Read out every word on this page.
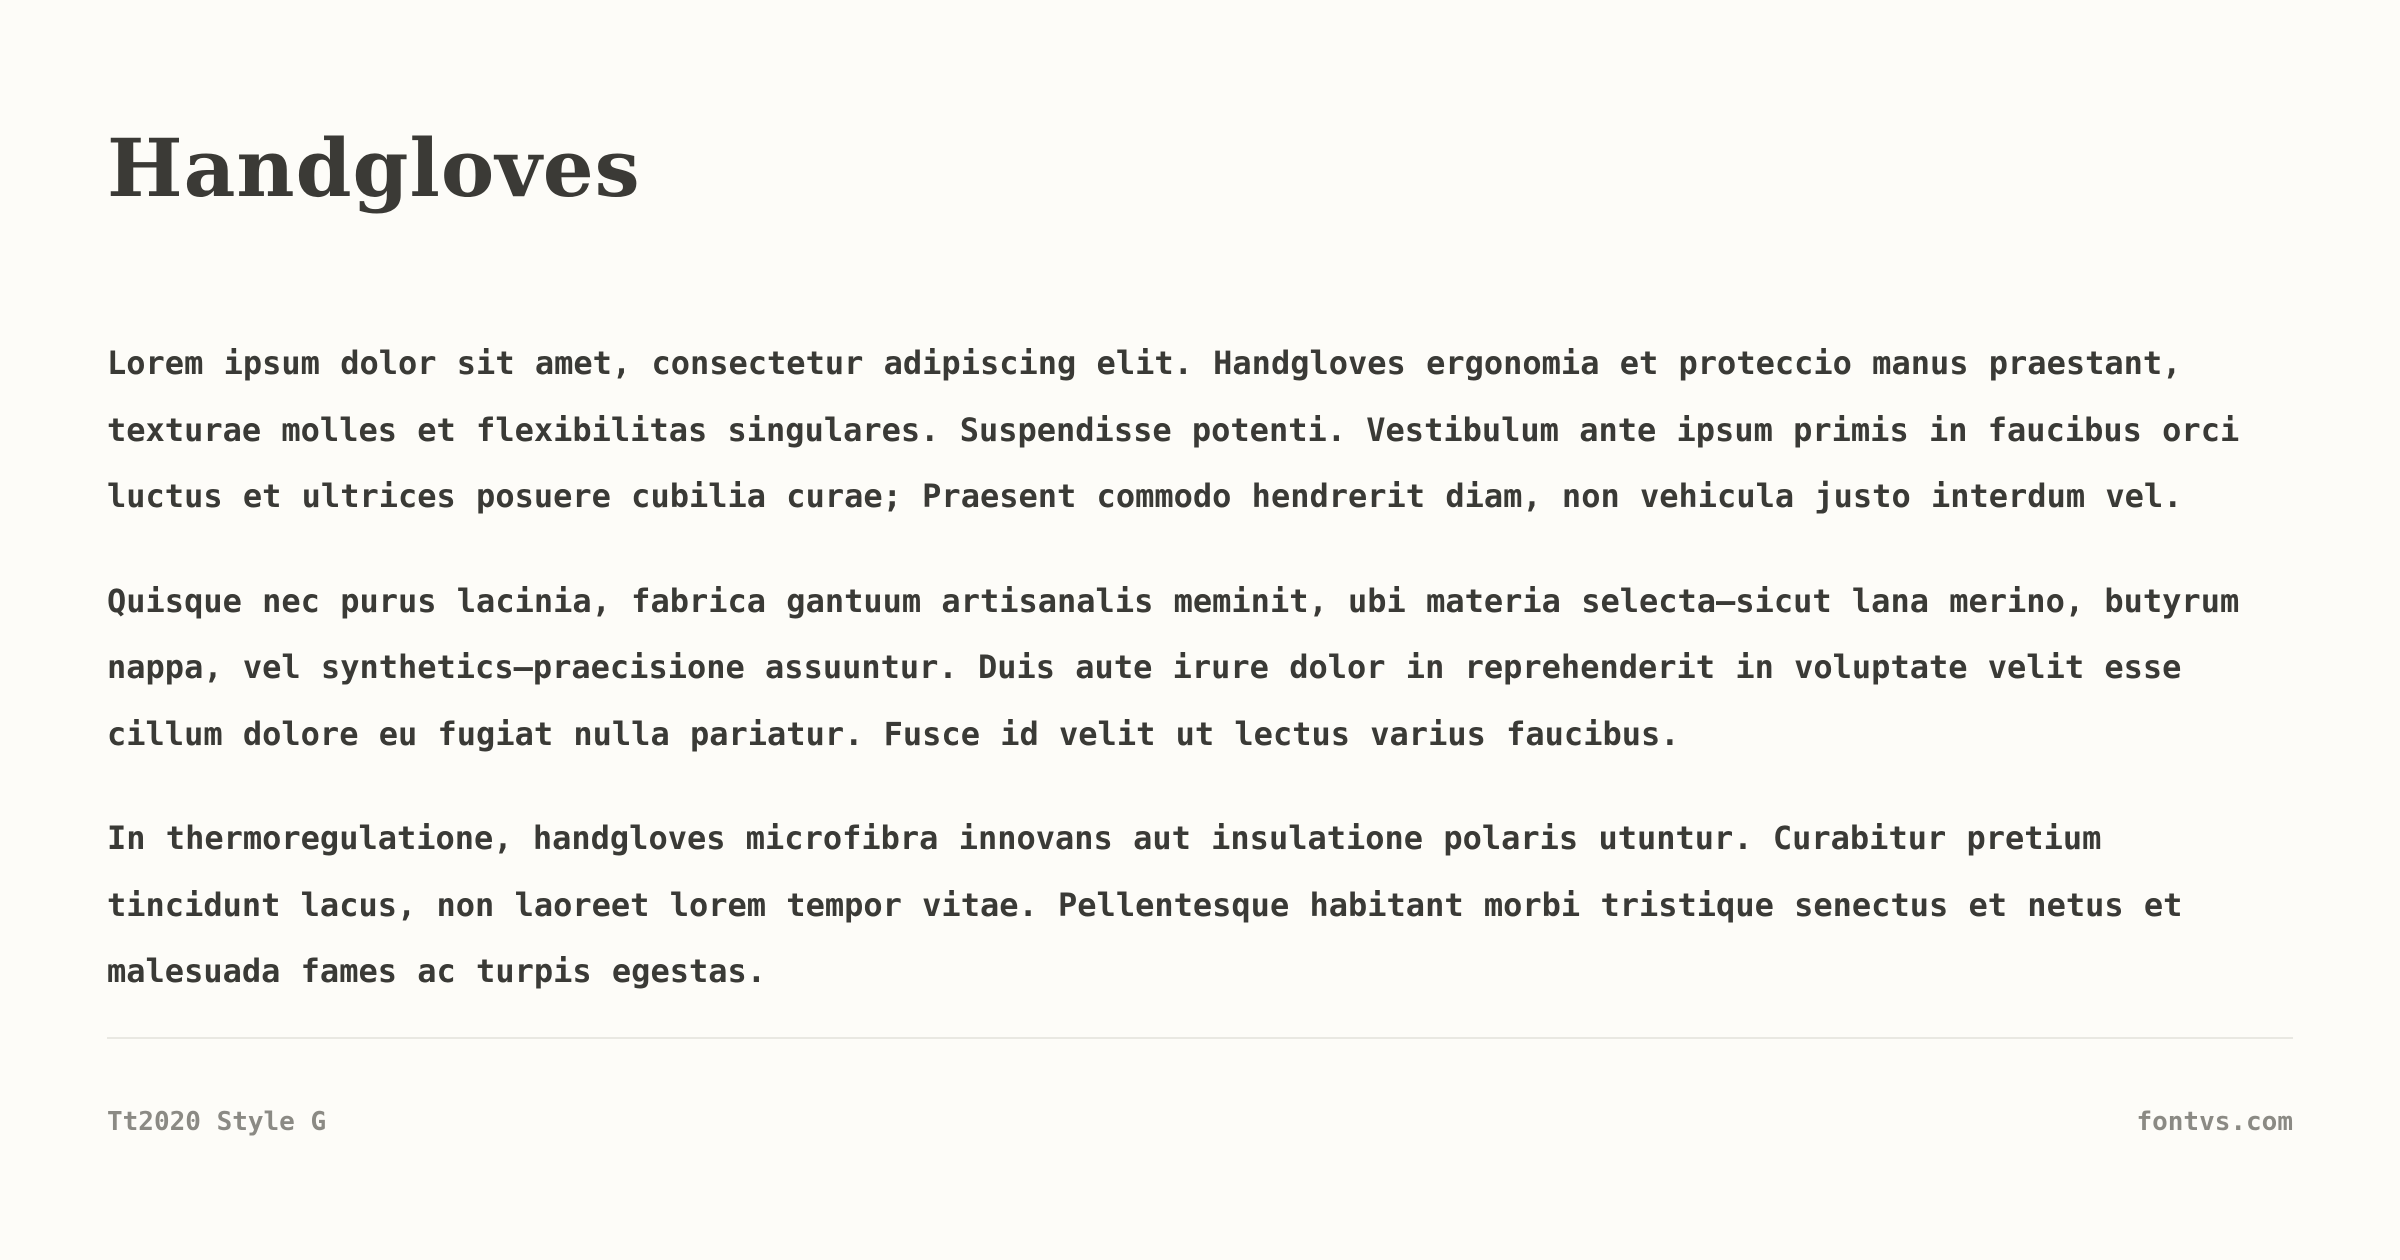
Handgloves

Lorem ipsum dolor sit amet, consectetur adipiscing elit. Handgloves ergonomia et proteccio manus praestant, texturae molles et flexibilitas singulares. Suspendisse potenti. Vestibulum ante ipsum primis in faucibus orci luctus et ultrices posuere cubilia curae; Praesent commodo hendrerit diam, non vehicula justo interdum vel.

Quisque nec purus lacinia, fabrica gantuum artisanalis meminit, ubi materia selecta—sicut lana merino, butyrum nappa, vel synthetics—praecisione assuuntur. Duis aute irure dolor in reprehenderit in voluptate velit esse cillum dolore eu fugiat nulla pariatur. Fusce id velit ut lectus varius faucibus.

In thermoregulatione, handgloves microfibra innovans aut insulatione polaris utuntur. Curabitur pretium tincidunt lacus, non laoreet lorem tempor vitae. Pellentesque habitant morbi tristique senectus et netus et malesuada fames ac turpis egestas.

Tt2020 Style G	fontvs.com
